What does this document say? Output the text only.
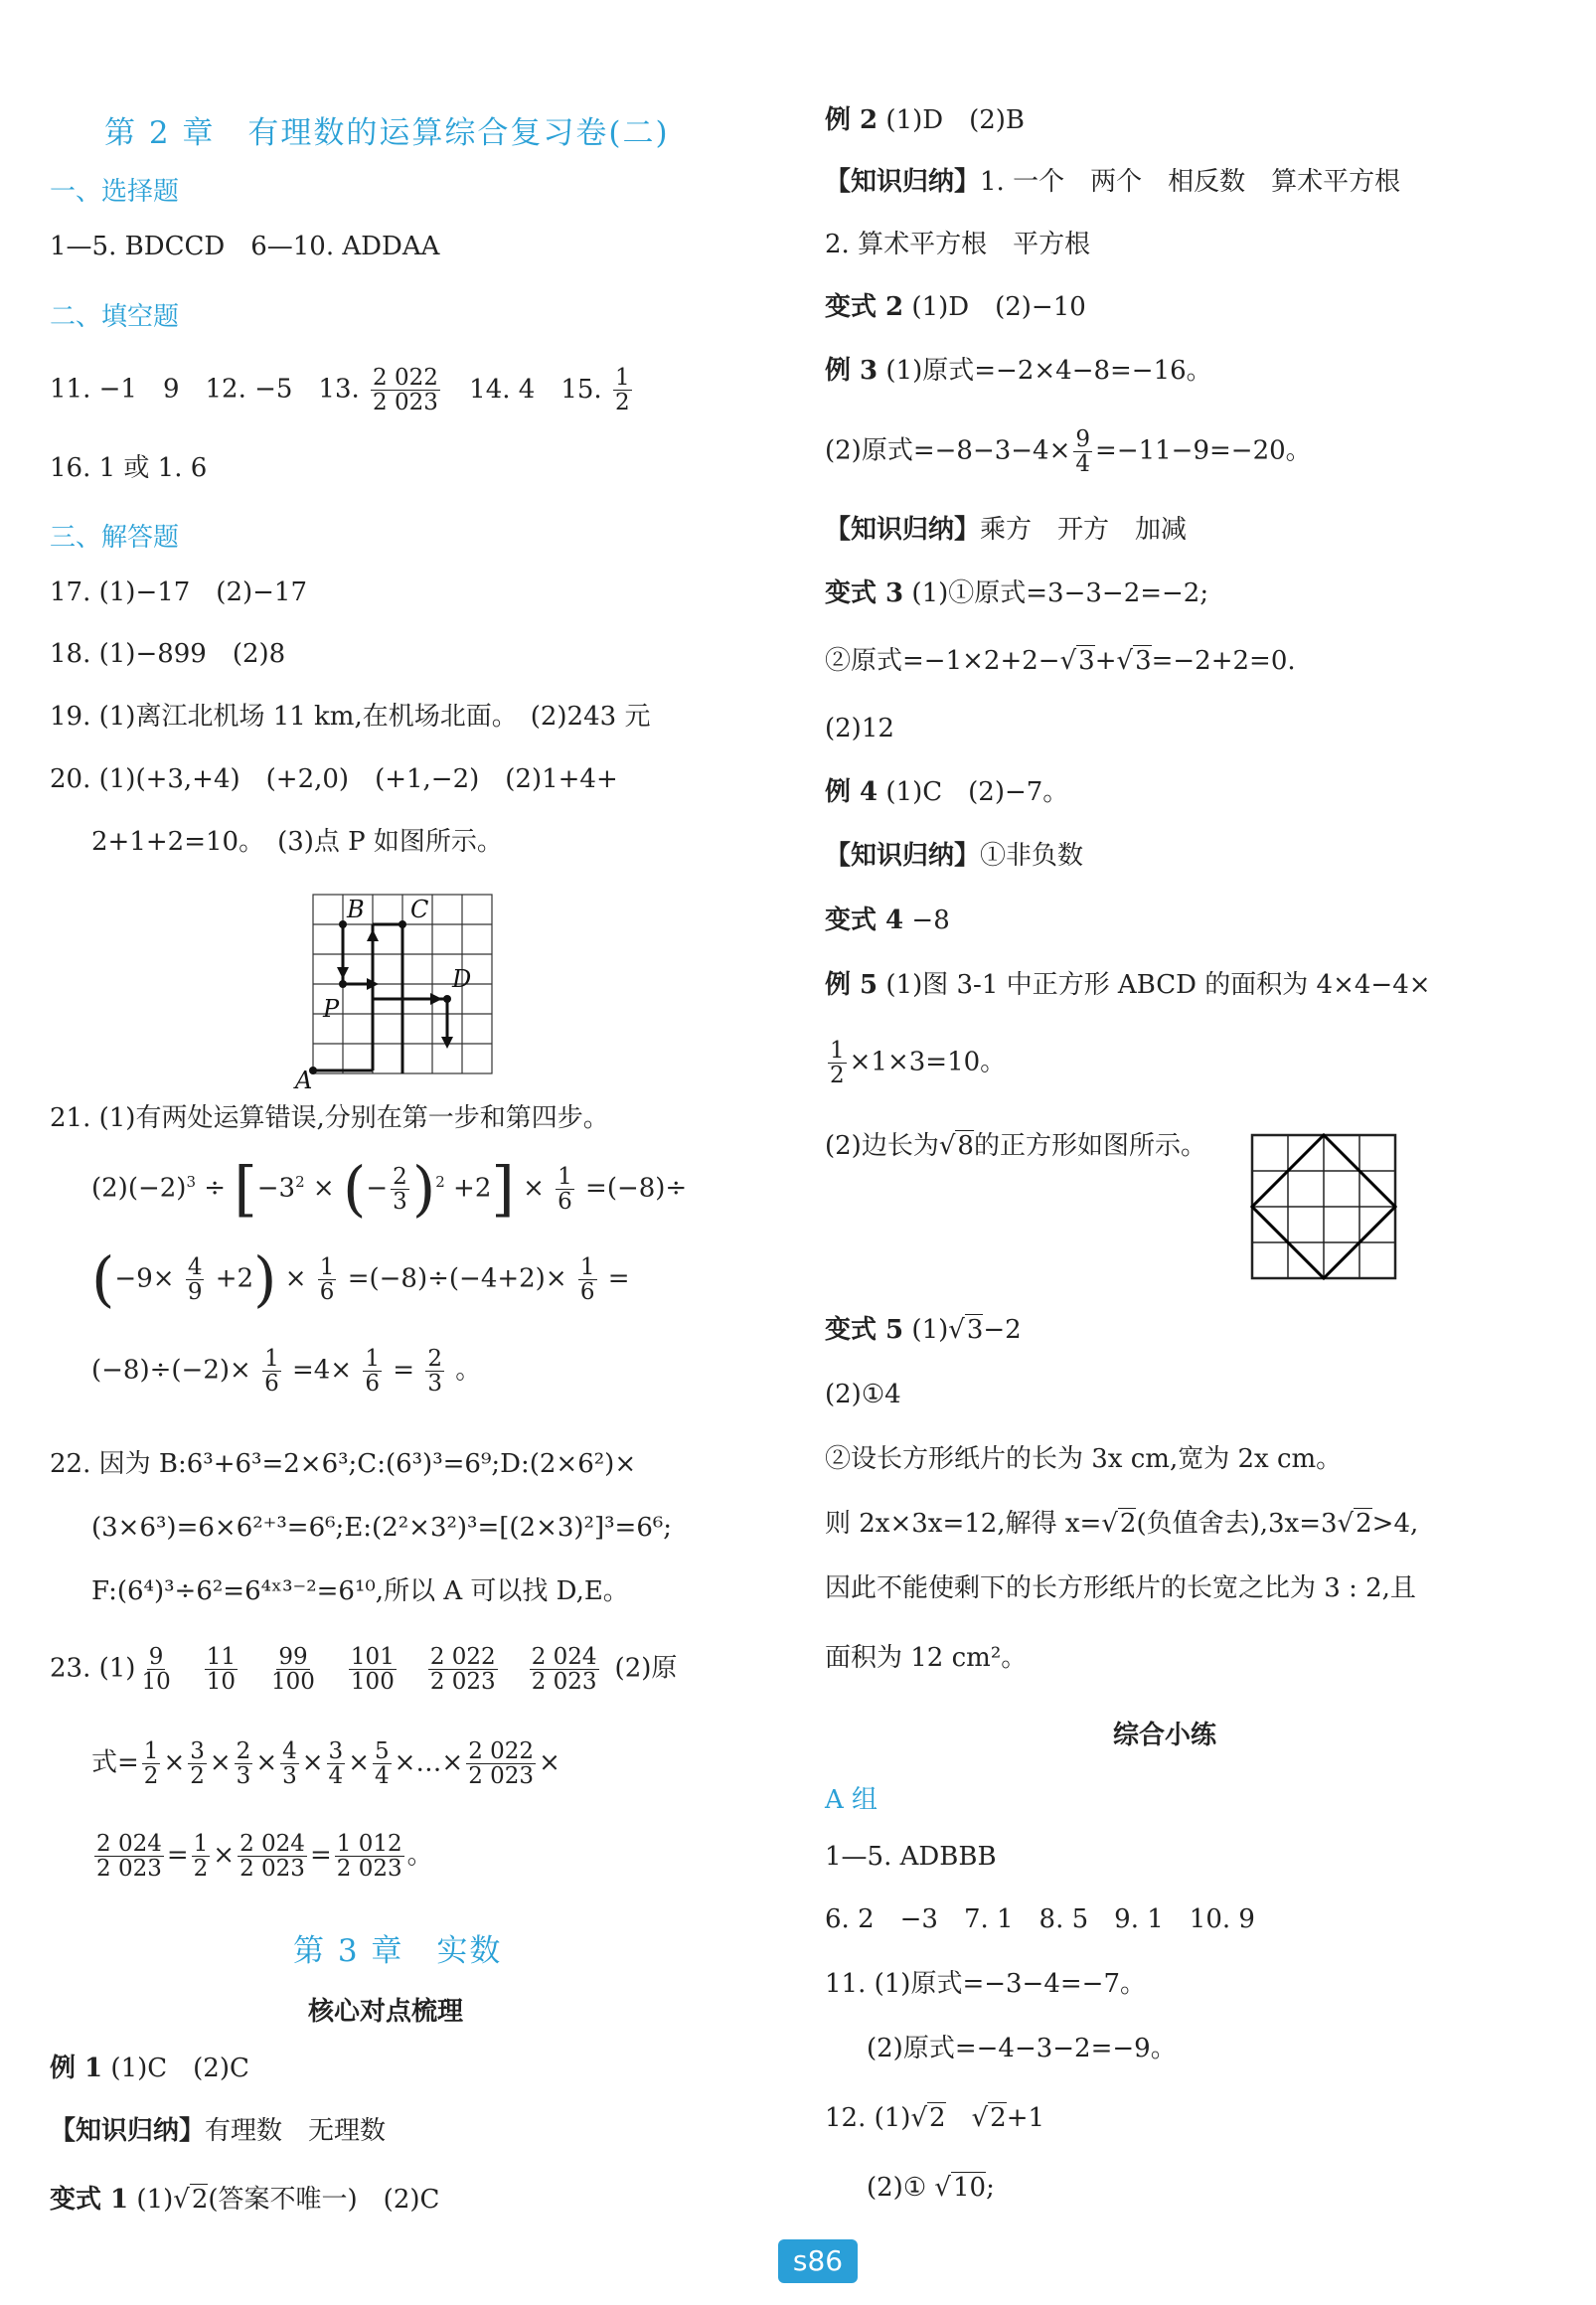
第 2 章　有理数的运算综合复习卷(二)
一、选择题
1—5. BDCCD　6—10. ADDAA
二、填空题
11. −1　9　12. −5　13. $\frac{2 022}{2 023} 14$. 4　15. $\frac{1}{2}$
16. 1 或 1. 6
三、解答题
17. (1)−17　(2)−17
18. (1)−899　(2)8
19. (1)离江北机场 11 km,在机场北面。　(2)243 元
20. (1)(+3,+4)　(+2,0)　(+1,−2)　(2)1+4+
2+1+2=10。　(3)点 P 如图所示。
B C
D
P
A
21. (1)有两处运算错误,分别在第一步和第四步。
$(2)(-2)^3 \div [-3^2$ × (− $\frac{2}{3} )^2 +2] \times \frac{1}{6} =(-8)\div$
$(-9\times \frac{4}{9} +2) \times \frac{1}{6} =(-8)\div(-4+2)\times \frac{1}{6}$ =
$(-8)\div(-2)\times \frac{1}{6} =4\times \frac{1}{6} = \frac{2}{3}$ 。
22. 因为 B:6³+6³=2×6³;C:(6³)³=6⁹;D:(2×6²)×
(3×6³)=6×6²⁺³=6⁶;E:(2²×3²)³=[(2×3)²]³=6⁶;
F:(6⁴)³÷6²=6⁴ˣ³⁻²=6¹⁰,所以 A 可以找 D,E。
23. $(1) \frac{9}{10} \frac{11}{10} \frac{99}{100} \frac{101}{100} \frac{2 022}{2 023} \frac{2 024}{2 023} (2)$原
式= $\frac{1}{2} \times \frac{3}{2} \times \frac{2}{3} \times \frac{4}{3} \times \frac{3}{4} \times \frac{5}{4}$ ×…× $\frac{2 022}{2 023}$ ×
$\frac{2 024}{2 023} = \frac{1}{2} \times \frac{2 024}{2 023} = \frac{1 012}{2 023}$ 。
第 3 章　实数
核心对点梳理
例 1 (1)C　(2)C
【知识归纳】有理数　无理数
变式 1 (1)√2(答案不唯一)　(2)C
例 2 (1)D　(2)B
【知识归纳】1. 一个　两个　相反数　算术平方根
2. 算术平方根　平方根
变式 2 (1)D　(2)−10
例 3 (1)原式=−2×4−8=−16。
(2)原式$=-8-3-4\times \frac{9}{4} =-11-9=-20$。
【知识归纳】乘方　开方　加减
变式 3 (1)①原式=3−3−2=−2;
②原式=−1×2+2−√3+√3=−2+2=0.
(2)12
例 4 (1)C　(2)−7。
【知识归纳】①非负数
变式 4 −8
例 5 (1)图 3-1 中正方形 ABCD 的面积为 4×4−4×
$\frac{1}{2} \times 1\times 3=10$。
(2)边长为√8的正方形如图所示。
变式 5 (1)√3−2
(2)①4
②设长方形纸片的长为 3x cm,宽为 2x cm。
则 2x×3x=12,解得 x=√2(负值舍去),3x=3√2>4,
因此不能使剩下的长方形纸片的长宽之比为 3 : 2,且
面积为 12 cm²。
综合小练
A 组
1—5. ADBBB
6. 2　−3　7. 1　8. 5　9. 1　10. 9
11. (1)原式=−3−4=−7。
(2)原式=−4−3−2=−9。
12. (1)√2　 √2+1
(2)① √10;
s86
